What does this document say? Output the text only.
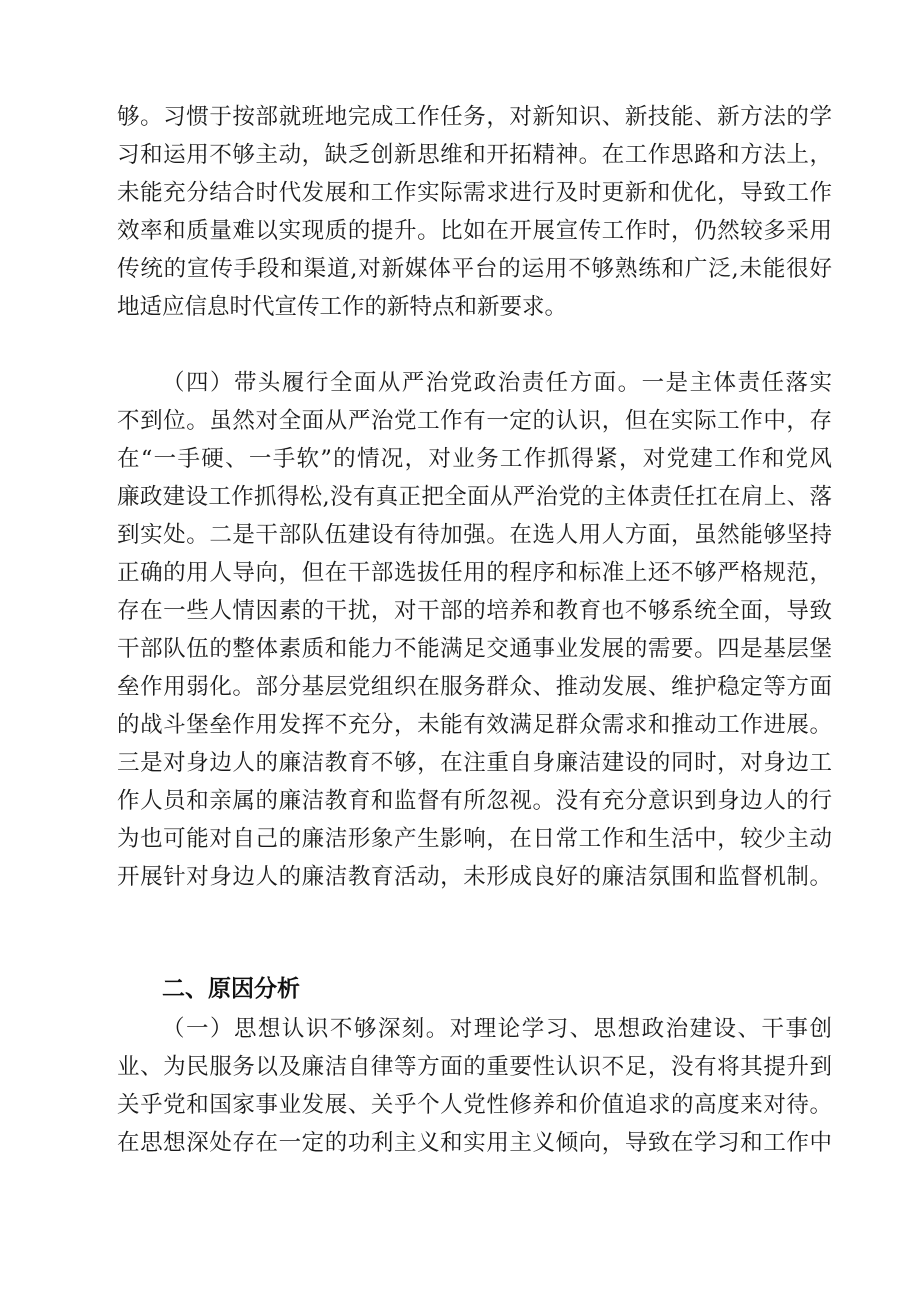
够。习惯于按部就班地完成工作任务，对新知识、新技能、新方法的学
习和运用不够主动，缺乏创新思维和开拓精神。在工作思路和方法上，
未能充分结合时代发展和工作实际需求进行及时更新和优化，导致工作
效率和质量难以实现质的提升。比如在开展宣传工作时，仍然较多采用
传统的宣传手段和渠道,对新媒体平台的运用不够熟练和广泛,未能很好
地适应信息时代宣传工作的新特点和新要求。
（四）带头履行全面从严治党政治责任方面。一是主体责任落实
不到位。虽然对全面从严治党工作有一定的认识，但在实际工作中，存
在“一手硬、一手软”的情况，对业务工作抓得紧，对党建工作和党风
廉政建设工作抓得松,没有真正把全面从严治党的主体责任扛在肩上、落
到实处。二是干部队伍建设有待加强。在选人用人方面，虽然能够坚持
正确的用人导向，但在干部选拔任用的程序和标准上还不够严格规范，
存在一些人情因素的干扰，对干部的培养和教育也不够系统全面，导致
干部队伍的整体素质和能力不能满足交通事业发展的需要。四是基层堡
垒作用弱化。部分基层党组织在服务群众、推动发展、维护稳定等方面
的战斗堡垒作用发挥不充分，未能有效满足群众需求和推动工作进展。
三是对身边人的廉洁教育不够，在注重自身廉洁建设的同时，对身边工
作人员和亲属的廉洁教育和监督有所忽视。没有充分意识到身边人的行
为也可能对自己的廉洁形象产生影响，在日常工作和生活中，较少主动
开展针对身边人的廉洁教育活动，未形成良好的廉洁氛围和监督机制。
二、原因分析
（一）思想认识不够深刻。对理论学习、思想政治建设、干事创
业、为民服务以及廉洁自律等方面的重要性认识不足，没有将其提升到
关乎党和国家事业发展、关乎个人党性修养和价值追求的高度来对待。
在思想深处存在一定的功利主义和实用主义倾向，导致在学习和工作中
